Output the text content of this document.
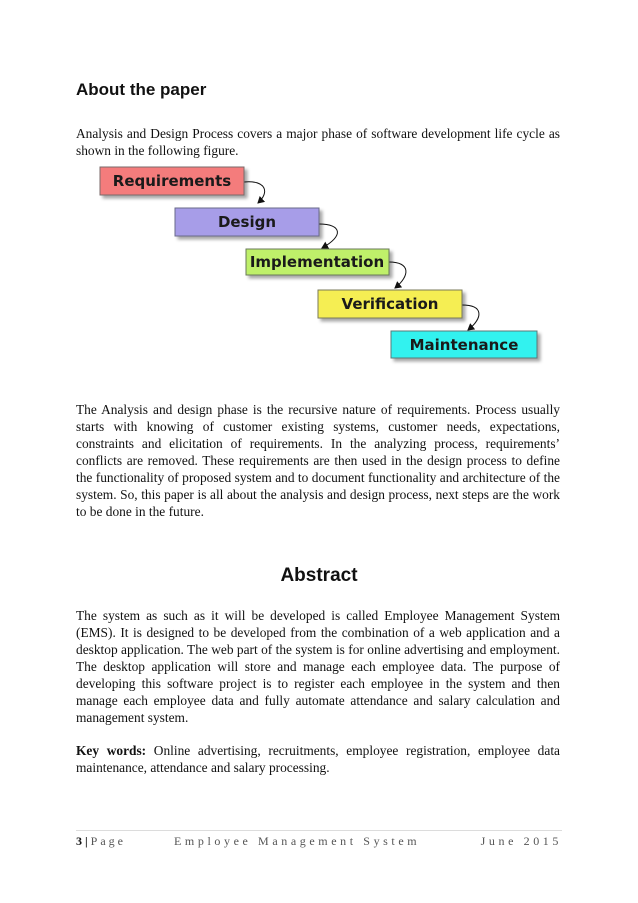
About the paper

Analysis and Design Process covers a major phase of software development life cycle as shown in the following figure.

Requirements
Design
Implementation
Verification
Maintenance

The Analysis and design phase is the recursive nature of requirements. Process usually starts with knowing of customer existing systems, customer needs, expectations, constraints and elicitation of requirements. In the analyzing process, requirements’ conflicts are removed. These requirements are then used in the design process to define the functionality of proposed system and to document functionality and architecture of the system. So, this paper is all about the analysis and design process, next steps are the work to be done in the future.

Abstract

The system as such as it will be developed is called Employee Management System (EMS). It is designed to be developed from the combination of a web application and a desktop application. The web part of the system is for online advertising and employment. The desktop application will store and manage each employee data. The purpose of developing this software project is to register each employee in the system and then manage each employee data and fully automate attendance and salary calculation and management system.

Key words: Online advertising, recruitments, employee registration, employee data maintenance, attendance and salary processing.

3 | Page	Employee Management System	June 2015
